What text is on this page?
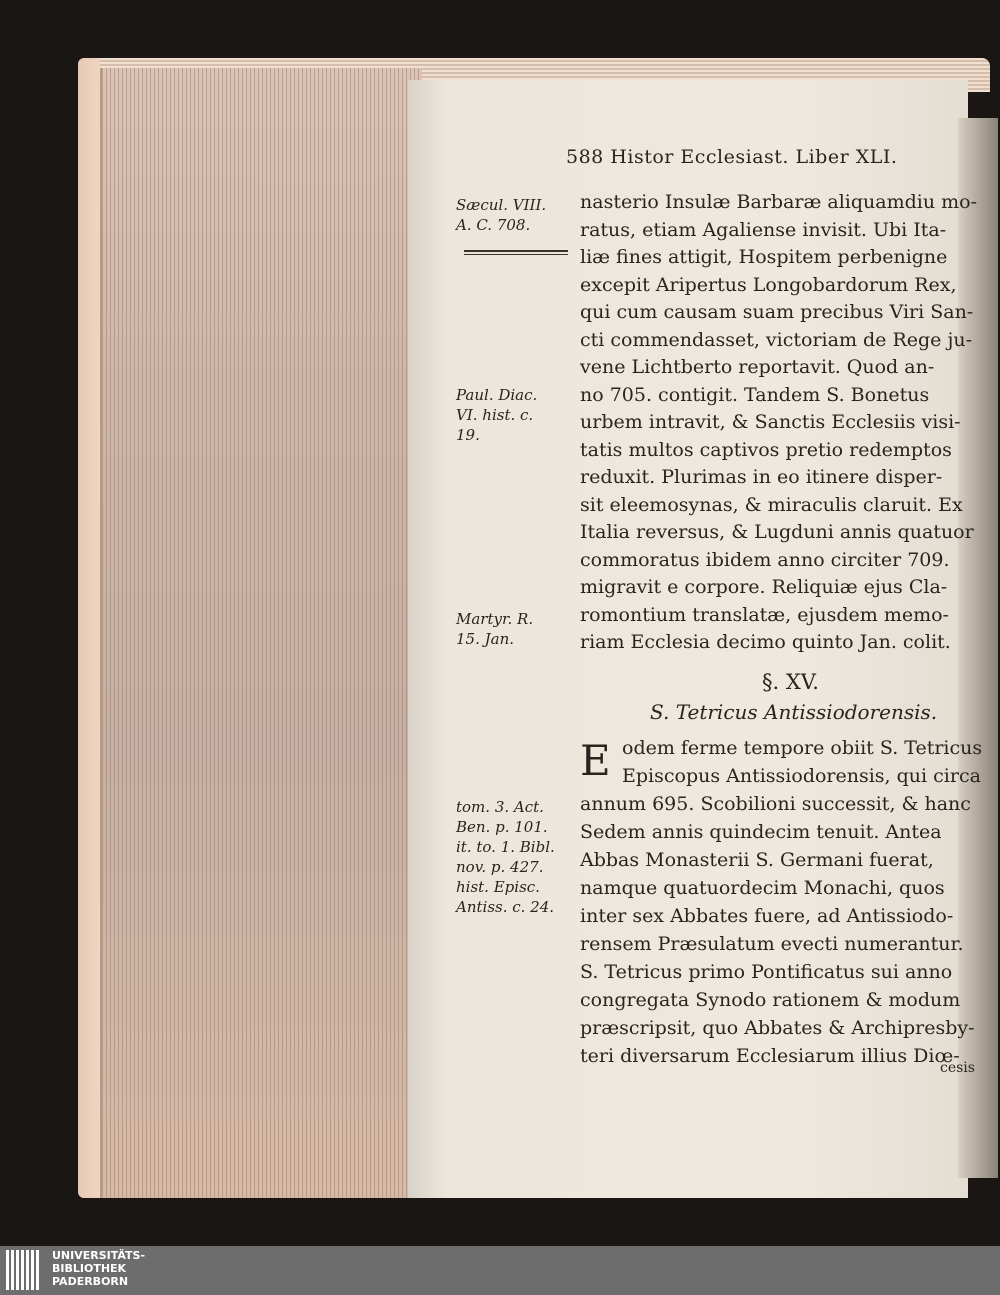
588 Histor Ecclesiast. Liber XLI.
Sæcul. VIII.
A. C. 708.
Paul. Diac.
VI. hist. c.
19.
Martyr. R.
15. Jan.
tom. 3. Act.
Ben. p. 101.
it. to. 1. Bibl.
nov. p. 427.
hist. Episc.
Antiss. c. 24.
nasterio Insulæ Barbaræ aliquamdiu mo-
ratus, etiam Agaliense invisit. Ubi Ita-
liæ fines attigit, Hospitem perbenigne
excepit Aripertus Longobardorum Rex,
qui cum causam suam precibus Viri San-
cti commendasset, victoriam de Rege ju-
vene Lichtberto reportavit. Quod an-
no 705. contigit. Tandem S. Bonetus
urbem intravit, & Sanctis Ecclesiis visi-
tatis multos captivos pretio redemptos
reduxit. Plurimas in eo itinere disper-
sit eleemosynas, & miraculis claruit. Ex
Italia reversus, & Lugduni annis quatuor
commoratus ibidem anno circiter 709.
migravit e corpore. Reliquiæ ejus Cla-
romontium translatæ, ejusdem memo-
riam Ecclesia decimo quinto Jan. colit.
§. XV.
S. Tetricus Antissiodorensis.
E odem ferme tempore obiit S. Tetricus
Episcopus Antissiodorensis, qui circa
annum 695. Scobilioni successit, & hanc
Sedem annis quindecim tenuit. Antea
Abbas Monasterii S. Germani fuerat,
namque quatuordecim Monachi, quos
inter sex Abbates fuere, ad Antissiodo-
rensem Præsulatum evecti numerantur.
S. Tetricus primo Pontificatus sui anno
congregata Synodo rationem & modum
præscripsit, quo Abbates & Archipresby-
teri diversarum Ecclesiarum illius Diœ-
cesis
UNIVERSITÄTS-
BIBLIOTHEK
PADERBORN
